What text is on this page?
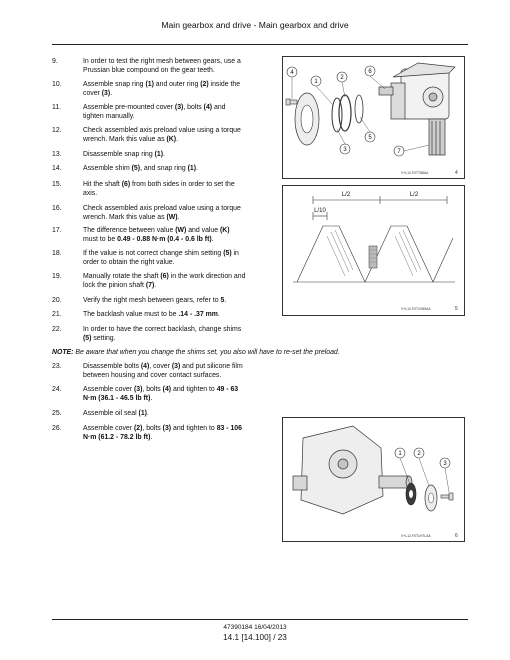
Main gearbox and drive - Main gearbox and drive
9.	In order to test the right mesh between gears, use a
Prussian blue compound on the gear teeth.
10.	Assemble snap ring (1) and outer ring (2) inside the
cover (3).
11.	Assemble pre-mounted cover (3), bolts (4) and
tighten manually.
12.	Check assembled axis preload value using a torque
wrench. Mark this value as (K).
13.	Disassemble snap ring (1).
14.	Assemble shim (5), and snap ring (1).
15.	Hit the shaft (6) from both sides in order to set the
axis.
16.	Check assembled axis preload value using a torque
wrench. Mark this value as (W).
17.	The difference between value (W) and value (K)
must to be 0.49 - 0.88 N·m (0.4 - 0.6 lb ft).
18.	If the value is not correct change shim setting (5) in
order to obtain the right value.
19.	Manually rotate the shaft (6) in the work direction and
lock the pinion shaft (7).
20.	Verify the right mesh between gears, refer to 5.
21.	The backlash value must to be .14 - .37 mm.
22.	In order to have the correct backlash, change shims
(5) setting.
23.	Disassemble bolts (4), cover (3) and put silicone film
between housing and cover contact surfaces.
24.	Assemble cover (3), bolts (4) and tighten to 49 - 63
N·m (36.1 - 46.5 lb ft).
25.	Assemble oil seal (1).
26.	Assemble cover (2), bolts (3) and tighten to 83 - 106
N·m (61.2 - 78.2 lb ft).
NOTE: Be aware that when you change the shims set, you also will have to re-set the preload.
4
1
2
6
5
3	7
V+L12-F0TT88AA	4
L/2	L/2
L/10
V+L12-F0T1H59AA	5
1	2
3
V+L12-F0T1H7LAA	6
47390184 16/04/2013
14.1 [14.100] / 23
